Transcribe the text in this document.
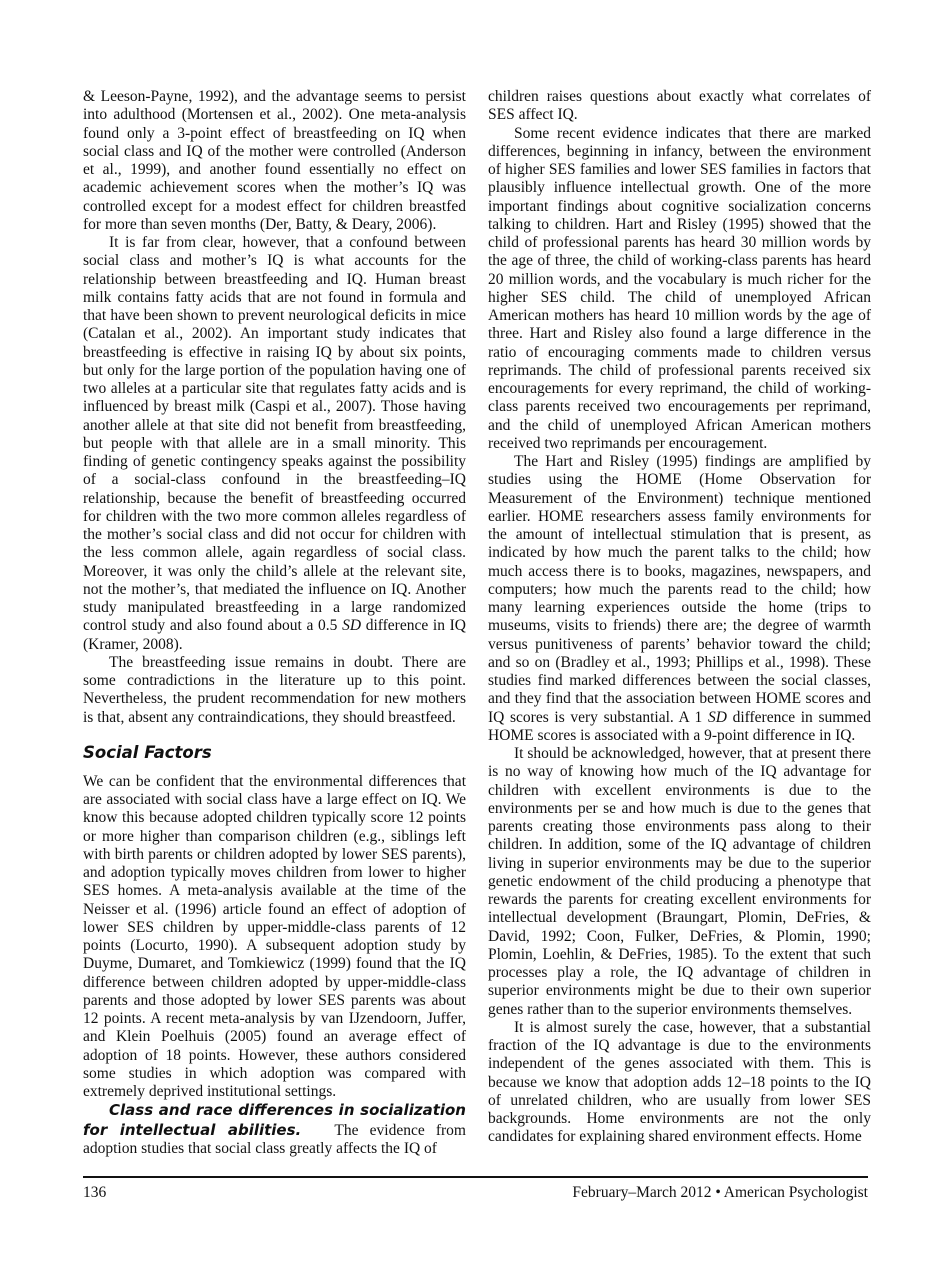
& Leeson-Payne, 1992), and the advantage seems to persist into adulthood (Mortensen et al., 2002). One meta-analysis found only a 3-point effect of breastfeeding on IQ when social class and IQ of the mother were controlled (Anderson et al., 1999), and another found essentially no effect on academic achievement scores when the mother’s IQ was controlled except for a modest effect for children breastfed for more than seven months (Der, Batty, & Deary, 2006).

It is far from clear, however, that a confound between social class and mother’s IQ is what accounts for the relationship between breastfeeding and IQ. Human breast milk contains fatty acids that are not found in formula and that have been shown to prevent neurological deficits in mice (Catalan et al., 2002). An important study indicates that breastfeeding is effective in raising IQ by about six points, but only for the large portion of the population having one of two alleles at a particular site that regulates fatty acids and is influenced by breast milk (Caspi et al., 2007). Those having another allele at that site did not benefit from breastfeeding, but people with that allele are in a small minority. This finding of genetic contingency speaks against the possibility of a social-class confound in the breastfeeding–IQ relationship, because the benefit of breastfeeding occurred for children with the two more common alleles regardless of the mother’s social class and did not occur for children with the less common allele, again regardless of social class. Moreover, it was only the child’s allele at the relevant site, not the mother’s, that mediated the influence on IQ. Another study manipulated breastfeeding in a large randomized control study and also found about a 0.5 SD difference in IQ (Kramer, 2008).

The breastfeeding issue remains in doubt. There are some contradictions in the literature up to this point. Nevertheless, the prudent recommendation for new mothers is that, absent any contraindications, they should breastfeed.

Social Factors

We can be confident that the environmental differences that are associated with social class have a large effect on IQ. We know this because adopted children typically score 12 points or more higher than comparison children (e.g., siblings left with birth parents or children adopted by lower SES parents), and adoption typically moves children from lower to higher SES homes. A meta-analysis available at the time of the Neisser et al. (1996) article found an effect of adoption of lower SES children by upper-middle-class parents of 12 points (Locurto, 1990). A subsequent adoption study by Duyme, Dumaret, and Tomkiewicz (1999) found that the IQ difference between children adopted by upper-middle-class parents and those adopted by lower SES parents was about 12 points. A recent meta-analysis by van IJzendoorn, Juffer, and Klein Poelhuis (2005) found an average effect of adoption of 18 points. However, these authors considered some studies in which adoption was compared with extremely deprived institutional settings.

Class and race differences in socialization for intellectual abilities. The evidence from adoption studies that social class greatly affects the IQ of

children raises questions about exactly what correlates of SES affect IQ.

Some recent evidence indicates that there are marked differences, beginning in infancy, between the environment of higher SES families and lower SES families in factors that plausibly influence intellectual growth. One of the more important findings about cognitive socialization concerns talking to children. Hart and Risley (1995) showed that the child of professional parents has heard 30 million words by the age of three, the child of working-class parents has heard 20 million words, and the vocabulary is much richer for the higher SES child. The child of unemployed African American mothers has heard 10 million words by the age of three. Hart and Risley also found a large difference in the ratio of encouraging comments made to children versus reprimands. The child of professional parents received six encouragements for every reprimand, the child of working-class parents received two encouragements per reprimand, and the child of unemployed African American mothers received two reprimands per encouragement.

The Hart and Risley (1995) findings are amplified by studies using the HOME (Home Observation for Measurement of the Environment) technique mentioned earlier. HOME researchers assess family environments for the amount of intellectual stimulation that is present, as indicated by how much the parent talks to the child; how much access there is to books, magazines, newspapers, and computers; how much the parents read to the child; how many learning experiences outside the home (trips to museums, visits to friends) there are; the degree of warmth versus punitiveness of parents’ behavior toward the child; and so on (Bradley et al., 1993; Phillips et al., 1998). These studies find marked differences between the social classes, and they find that the association between HOME scores and IQ scores is very substantial. A 1 SD difference in summed HOME scores is associated with a 9-point difference in IQ.

It should be acknowledged, however, that at present there is no way of knowing how much of the IQ advantage for children with excellent environments is due to the environments per se and how much is due to the genes that parents creating those environments pass along to their children. In addition, some of the IQ advantage of children living in superior environments may be due to the superior genetic endowment of the child producing a phenotype that rewards the parents for creating excellent environments for intellectual development (Braungart, Plomin, DeFries, & David, 1992; Coon, Fulker, DeFries, & Plomin, 1990; Plomin, Loehlin, & DeFries, 1985). To the extent that such processes play a role, the IQ advantage of children in superior environments might be due to their own superior genes rather than to the superior environments themselves.

It is almost surely the case, however, that a substantial fraction of the IQ advantage is due to the environments independent of the genes associated with them. This is because we know that adoption adds 12–18 points to the IQ of unrelated children, who are usually from lower SES backgrounds. Home environments are not the only candidates for explaining shared environment effects. Home

136	February–March 2012 • American Psychologist
